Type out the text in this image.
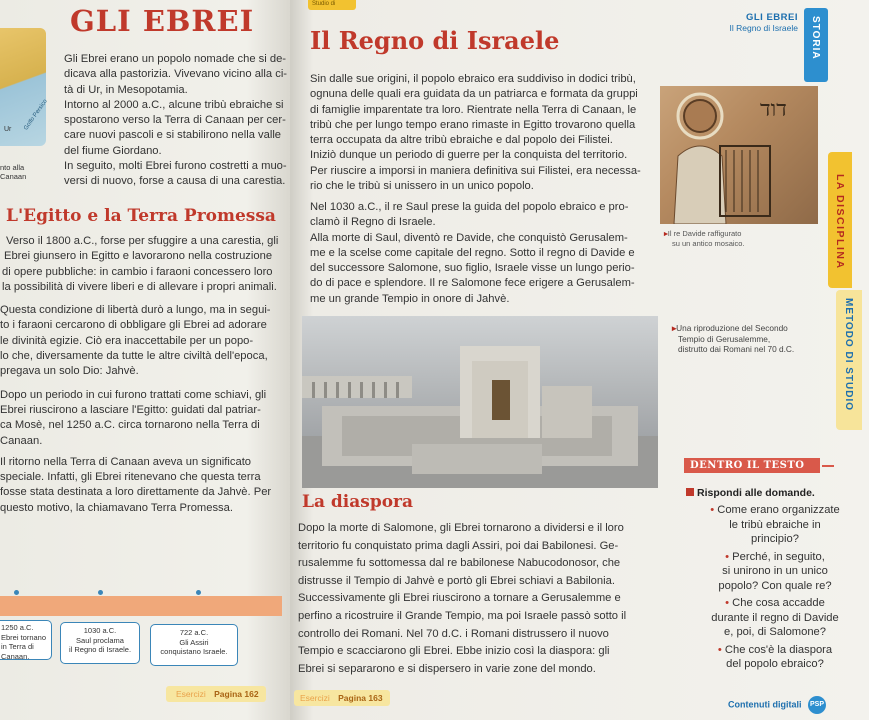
Ur Golfo Persico
nto alla
Canaan
GLI EBREI
Gli Ebrei erano un popolo nomade che si de-
dicava alla pastorizia. Vivevano vicino alla ci-
tà di Ur, in Mesopotamia.
Intorno al 2000 a.C., alcune tribù ebraiche si
spostarono verso la Terra di Canaan per cer-
care nuovi pascoli e si stabilirono nella valle
del fiume Giordano.
In seguito, molti Ebrei furono costretti a muo-
versi di nuovo, forse a causa di una carestia.
L'Egitto e la Terra Promessa
Verso il 1800 a.C., forse per sfuggire a una carestia, gli
Ebrei giunsero in Egitto e lavorarono nella costruzione
di opere pubbliche: in cambio i faraoni concessero loro
la possibilità di vivere liberi e di allevare i propri animali.
Questa condizione di libertà durò a lungo, ma in segui-
to i faraoni cercarono di obbligare gli Ebrei ad adorare
le divinità egizie. Ciò era inaccettabile per un popo-
lo che, diversamente da tutte le altre civiltà dell'epoca,
pregava un solo Dio: Jahvè.
Dopo un periodo in cui furono trattati come schiavi, gli
Ebrei riuscirono a lasciare l'Egitto: guidati dal patriar-
ca Mosè, nel 1250 a.C. circa tornarono nella Terra di
Canaan.
Il ritorno nella Terra di Canaan aveva un significato
speciale. Infatti, gli Ebrei ritenevano che questa terra
fosse stata destinata a loro direttamente da Jahvè. Per
questo motivo, la chiamavano Terra Promessa.
1250 a.C.
Ebrei tornano
in Terra di Canaan.
1030 a.C.
Saul proclama
il Regno di Israele.
722 a.C.
Gli Assiri
conquistano Israele.
Esercizi Pagina 162
Studio di
Il Regno di Israele
GLI EBREI
Il Regno di Israele STORIA
LA DISCIPLINA
METODO DI STUDIO
Sin dalle sue origini, il popolo ebraico era suddiviso in dodici tribù,
ognuna delle quali era guidata da un patriarca e formata da gruppi
di famiglie imparentate tra loro. Rientrate nella Terra di Canaan, le
tribù che per lungo tempo erano rimaste in Egitto trovarono quella
terra occupata da altre tribù ebraiche e dal popolo dei Filistei.
Iniziò dunque un periodo di guerre per la conquista del territorio.
Per riuscire a imporsi in maniera definitiva sui Filistei, era necessa-
rio che le tribù si unissero in un unico popolo.
Nel 1030 a.C., il re Saul prese la guida del popolo ebraico e pro-
clamò il Regno di Israele.
Alla morte di Saul, diventò re Davide, che conquistò Gerusalem-
me e la scelse come capitale del regno. Sotto il regno di Davide e
del successore Salomone, suo figlio, Israele visse un lungo perio-
do di pace e splendore. Il re Salomone fece erigere a Gerusalem-
me un grande Tempio in onore di Jahvè.
דוד
▸Il re Davide raffigurato
su un antico mosaico.
▸Una riproduzione del Secondo
Tempio di Gerusalemme,
distrutto dai Romani nel 70 d.C.
La diaspora
Dopo la morte di Salomone, gli Ebrei tornarono a dividersi e il loro
territorio fu conquistato prima dagli Assiri, poi dai Babilonesi. Ge-
rusalemme fu sottomessa dal re babilonese Nabucodonosor, che
distrusse il Tempio di Jahvè e portò gli Ebrei schiavi a Babilonia.
Successivamente gli Ebrei riuscirono a tornare a Gerusalemme e
perfino a ricostruire il Grande Tempio, ma poi Israele passò sotto il
controllo dei Romani. Nel 70 d.C. i Romani distrussero il nuovo
Tempio e scacciarono gli Ebrei. Ebbe inizio così la diaspora: gli
Ebrei si separarono e si dispersero in varie zone del mondo.
DENTRO IL TESTO
Rispondi alle domande.
• Come erano organizzate
le tribù ebraiche in
principio?
• Perché, in seguito,
si unirono in un unico
popolo? Con quale re?
• Che cosa accadde
durante il regno di Davide
e, poi, di Salomone?
• Che cos'è la diaspora
del popolo ebraico?
Esercizi Pagina 163
Contenuti digitali PSP
